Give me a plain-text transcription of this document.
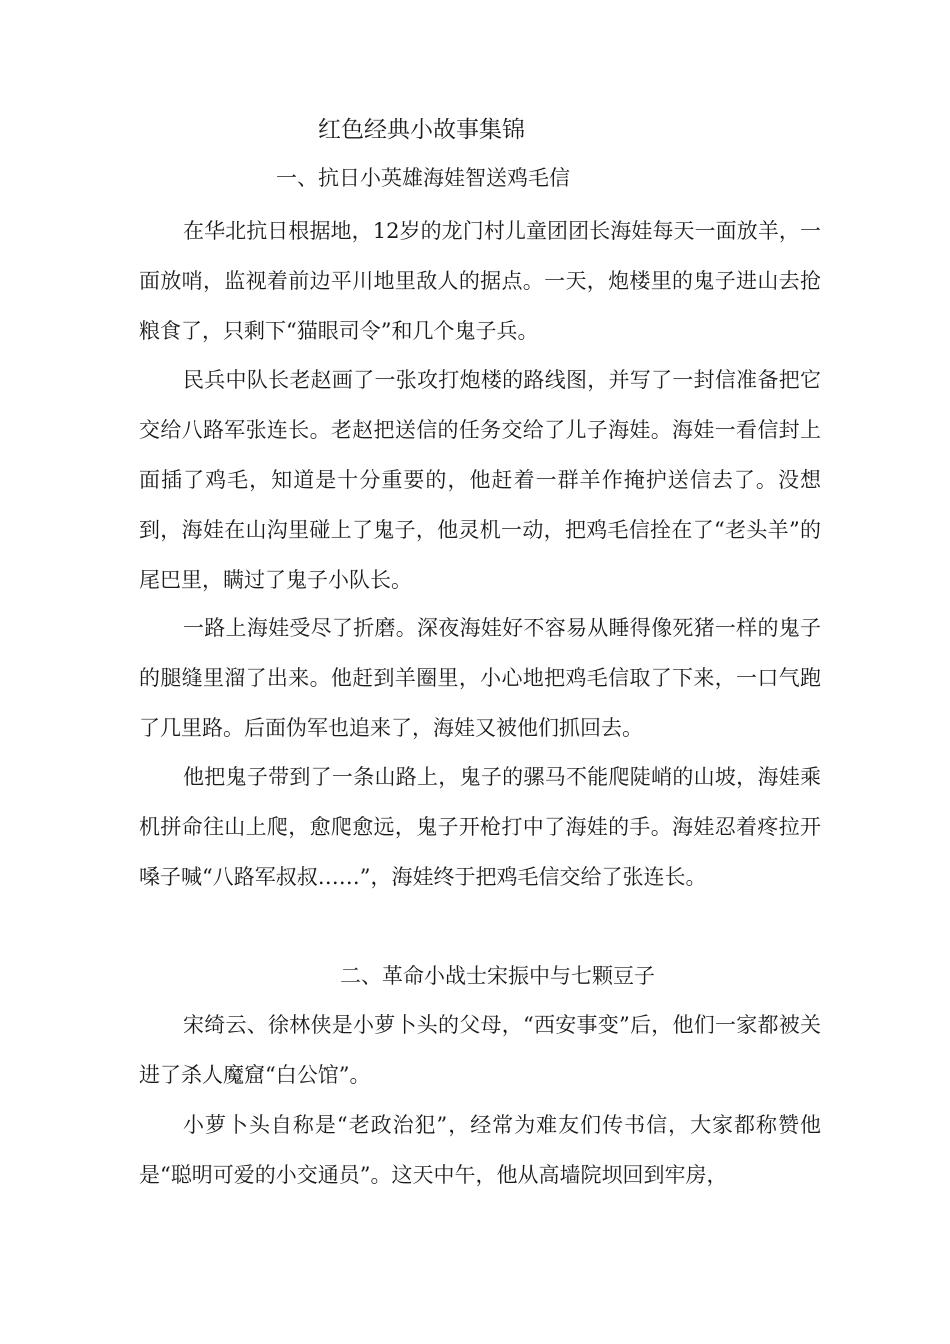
红色经典小故事集锦
一、抗日小英雄海娃智送鸡毛信

在华北抗日根据地，12岁的龙门村儿童团团长海娃每天一面放羊，一面放哨，监视着前边平川地里敌人的据点。一天，炮楼里的鬼子进山去抢粮食了，只剩下“猫眼司令”和几个鬼子兵。

民兵中队长老赵画了一张攻打炮楼的路线图，并写了一封信准备把它交给八路军张连长。老赵把送信的任务交给了儿子海娃。海娃一看信封上面插了鸡毛，知道是十分重要的，他赶着一群羊作掩护送信去了。没想到，海娃在山沟里碰上了鬼子，他灵机一动，把鸡毛信拴在了“老头羊”的尾巴里，瞒过了鬼子小队长。

一路上海娃受尽了折磨。深夜海娃好不容易从睡得像死猪一样的鬼子的腿缝里溜了出来。他赶到羊圈里，小心地把鸡毛信取了下来，一口气跑了几里路。后面伪军也追来了，海娃又被他们抓回去。

他把鬼子带到了一条山路上，鬼子的骡马不能爬陡峭的山坡，海娃乘机拼命往山上爬，愈爬愈远，鬼子开枪打中了海娃的手。海娃忍着疼拉开嗓子喊“八路军叔叔……”，海娃终于把鸡毛信交给了张连长。

二、革命小战士宋振中与七颗豆子

宋绮云、徐林侠是小萝卜头的父母，“西安事变”后，他们一家都被关进了杀人魔窟“白公馆”。

小萝卜头自称是“老政治犯”，经常为难友们传书信，大家都称赞他是“聪明可爱的小交通员”。这天中午，他从高墙院坝回到牢房，
